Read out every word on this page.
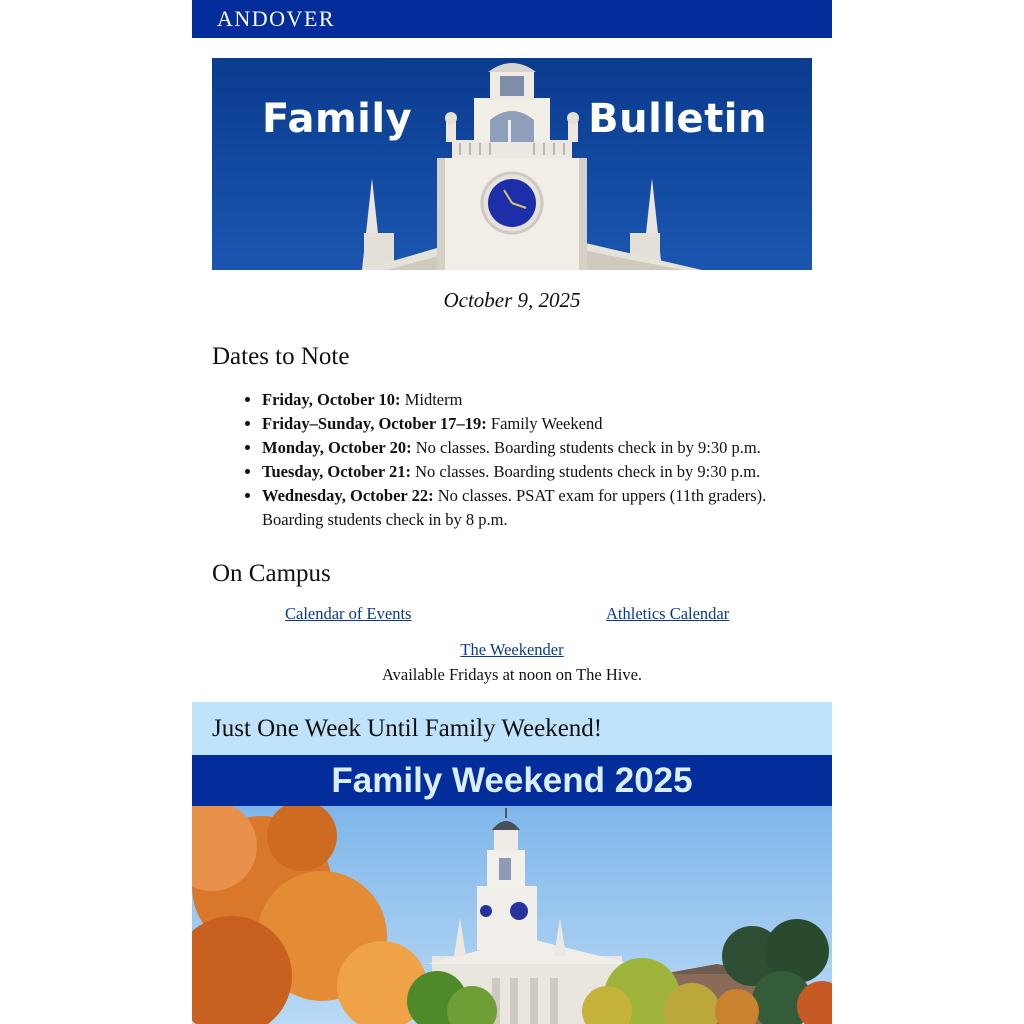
ANDOVER
Family	Bulletin
October 9, 2025
Dates to Note
• Friday, October 10: Midterm
• Friday–Sunday, October 17–19: Family Weekend
• Monday, October 20: No classes. Boarding students check in by 9:30 p.m.
• Tuesday, October 21: No classes. Boarding students check in by 9:30 p.m.
• Wednesday, October 22: No classes. PSAT exam for uppers (11th graders). Boarding students check in by 8 p.m.
On Campus
Calendar of Events	Athletics Calendar
The Weekender
Available Fridays at noon on The Hive.
Just One Week Until Family Weekend!
Family Weekend 2025
